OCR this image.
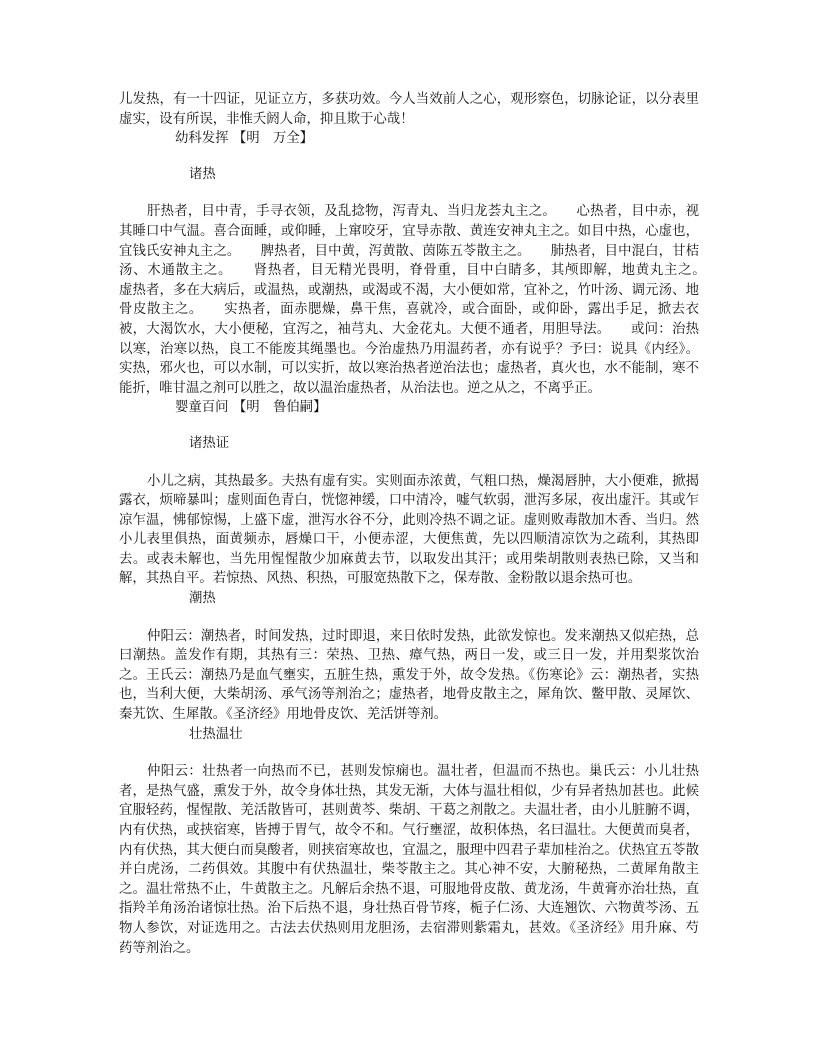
儿发热，有一十四证，见证立方，多获功效。今人当效前人之心，观形察色，切脉论证，以分表里虚实，设有所误，非惟夭阏人命，抑且欺于心哉！

幼科发挥 【明　万全】

诸热

肝热者，目中青，手寻衣领，及乱捻物，泻青丸、当归龙荟丸主之。　　心热者，目中赤，视其睡口中气温。喜合面睡，或仰睡，上窜咬牙，宜导赤散、黄连安神丸主之。如目中热，心虚也，宜钱氏安神丸主之。　　脾热者，目中黄，泻黄散、茵陈五苓散主之。　　肺热者，目中混白，甘桔汤、木通散主之。　　肾热者，目无精光畏明，脊骨重，目中白睛多，其颅即解，地黄丸主之。　　虚热者，多在大病后，或温热，或潮热，或渴或不渴，大小便如常，宜补之，竹叶汤、调元汤、地骨皮散主之。　　实热者，面赤腮燥，鼻干焦，喜就冷，或合面卧，或仰卧，露出手足，掀去衣被，大渴饮水，大小便秘，宜泻之，袖芎丸、大金花丸。大便不通者，用胆导法。　　或问：治热以寒，治寒以热，良工不能废其绳墨也。今治虚热乃用温药者，亦有说乎？予曰：说具《内经》。实热，邪火也，可以水制，可以实折，故以寒治热者逆治法也；虚热者，真火也，水不能制，寒不能折，唯甘温之剂可以胜之，故以温治虚热者，从治法也。逆之从之，不离乎正。

婴童百问 【明　鲁伯嗣】

诸热证

小儿之病，其热最多。夫热有虚有实。实则面赤浓黄，气粗口热，燥渴唇肿，大小便难，掀揭露衣，烦啼暴叫；虚则面色青白，恍惚神缓，口中清冷，嘘气软弱，泄泻多尿，夜出虚汗。其或乍凉乍温，怫郁惊惕，上盛下虚，泄泻水谷不分，此则冷热不调之证。虚则败毒散加木香、当归。然小儿表里俱热，面黄频赤，唇燥口干，小便赤涩，大便焦黄，先以四顺清凉饮为之疏利，其热即去。或表未解也，当先用惺惺散少加麻黄去节，以取发出其汗；或用柴胡散则表热已除，又当和解，其热自平。若惊热、风热、积热，可服宽热散下之，保寿散、金粉散以退余热可也。

潮热

仲阳云：潮热者，时间发热，过时即退，来日依时发热，此欲发惊也。发来潮热又似疟热，总曰潮热。盖发作有期，其热有三：荣热、卫热、瘴气热，两日一发，或三日一发，并用梨浆饮治之。王氏云：潮热乃是血气壅实，五脏生热，熏发于外，故令发热。《伤寒论》云：潮热者，实热也，当利大便，大柴胡汤、承气汤等剂治之；虚热者，地骨皮散主之，犀角饮、鳖甲散、灵犀饮、秦艽饮、生犀散。《圣济经》用地骨皮饮、羌活饼等剂。

壮热温壮

仲阳云：壮热者一向热而不已，甚则发惊痫也。温壮者，但温而不热也。巢氏云：小儿壮热者，是热气盛，熏发于外，故令身体壮热，其发无渐，大体与温壮相似，少有异者热加甚也。此候宜服轻药，惺惺散、羌活散皆可，甚则黄芩、柴胡、干葛之剂散之。夫温壮者，由小儿脏腑不调，内有伏热，或挟宿寒，皆搏于胃气，故令不和。气行壅涩，故积体热，名曰温壮。大便黄而臭者，内有伏热，其大便白而臭酸者，则挟宿寒故也，宜温之，服理中四君子辈加桂治之。伏热宜五苓散并白虎汤，二药俱效。其腹中有伏热温壮，柴苓散主之。其心神不安，大腑秘热，二黄犀角散主之。温壮常热不止，牛黄散主之。凡解后余热不退，可服地骨皮散、黄龙汤，牛黄膏亦治壮热，直指羚羊角汤治诸惊壮热。治下后热不退，身壮热百骨节疼，栀子仁汤、大连翘饮、六物黄芩汤、五物人参饮，对证选用之。古法去伏热则用龙胆汤，去宿滞则紫霜丸，甚效。《圣济经》用升麻、芍药等剂治之。
